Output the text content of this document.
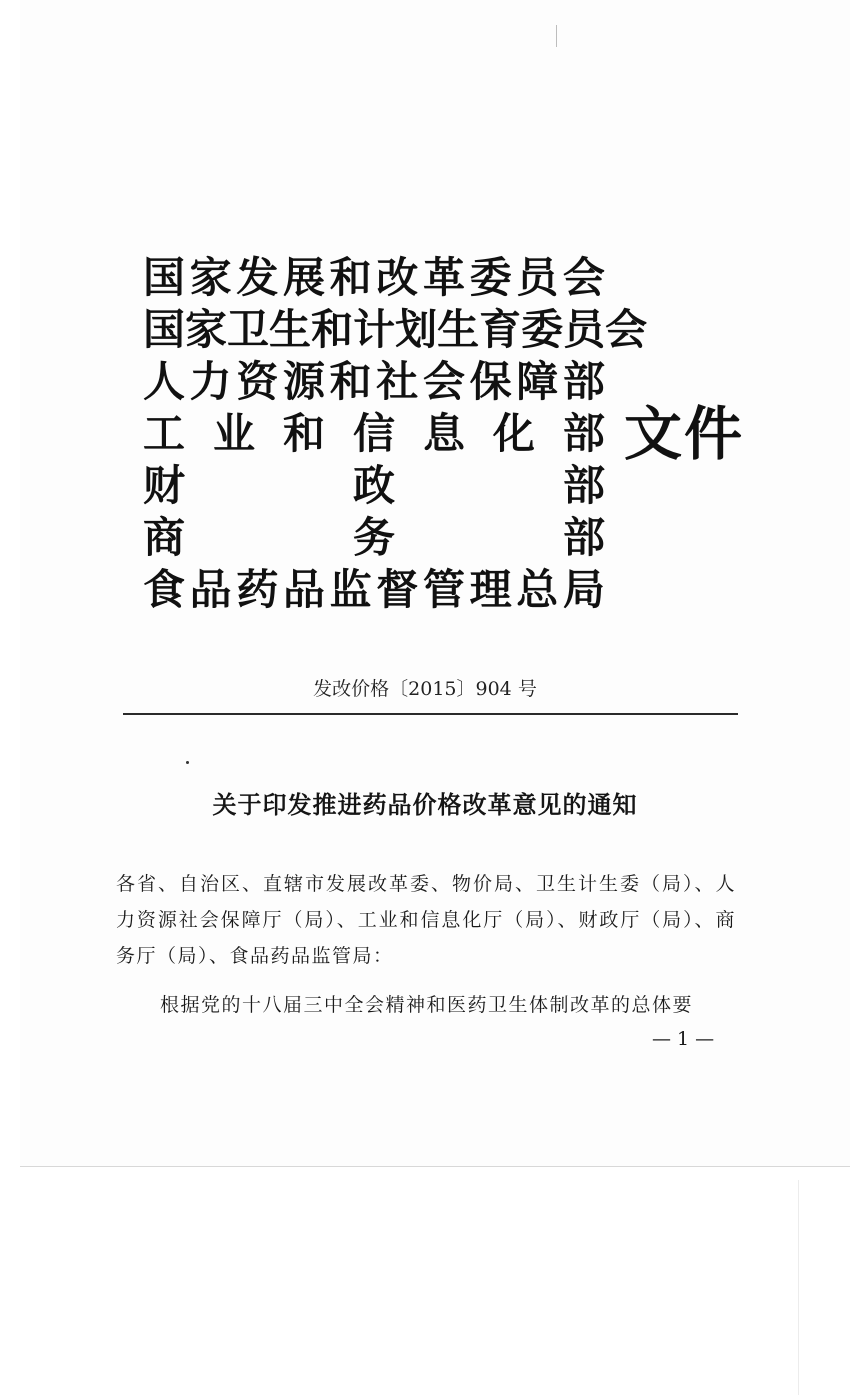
国 家 发 展 和 改 革 委 员 会
国 家 卫 生 和 计 划 生 育 委 员 会
人 力 资 源 和 社 会 保 障 部
工 业 和 信 息 化 部
财	政	部
商	务	部
食 品 药 品 监 督 管 理 总 局
文件
发改价格〔2015〕904 号
关于印发推进药品价格改革意见的通知
各省、自治区、直辖市发展改革委、物价局、卫生计生委（局）、人力资源社会保障厅（局）、工业和信息化厅（局）、财政厅（局）、商务厅（局）、食品药品监管局：
根据党的十八届三中全会精神和医药卫生体制改革的总体要
— 1 —
